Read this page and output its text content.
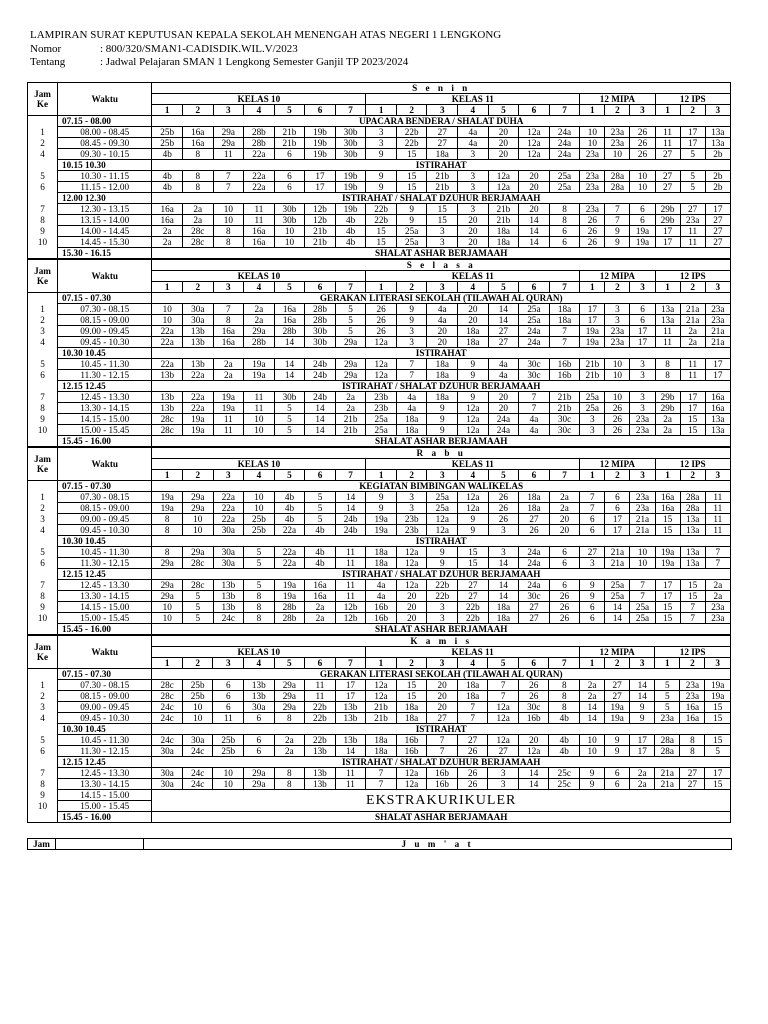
LAMPIRAN SURAT KEPUTUSAN KEPALA SEKOLAH MENENGAH ATAS NEGERI 1 LENGKONG
Nomor	: 800/320/SMAN1-CADISDIK.WIL.V/2023
Tentang	: Jadwal Pelajaran SMAN 1 Lengkong Semester Ganjil TP 2023/2024
Jam
Ke	Waktu	S e n i n																			
		KELAS 10							KELAS 11							12 MIPA			12 IPS		
		1	2	3	4	5	6	7	1	2	3	4	5	6	7	1	2	3	1	2	3
	07.15 - 08.00	UPACARA BENDERA / SHALAT DUHA																			
1	08.00 - 08.45	25b	16a	29a	28b	21b	19b	30b	3	22b	27	4a	20	12a	24a	10	23a	26	11	17	13a
2	08.45 - 09.30	25b	16a	29a	28b	21b	19b	30b	3	22b	27	4a	20	12a	24a	10	23a	26	11	17	13a
4	09.30 - 10.15	4b	8	11	22a	6	19b	30b	9	15	18a	3	20	12a	24a	23a	10	26	27	5	2b
	10.15 10.30	ISTIRAHAT																			
5	10.30 - 11.15	4b	8	7	22a	6	17	19b	9	15	21b	3	12a	20	25a	23a	28a	10	27	5	2b
6	11.15 - 12.00	4b	8	7	22a	6	17	19b	9	15	21b	3	12a	20	25a	23a	28a	10	27	5	2b
	12.00 12.30	ISTIRAHAT / SHALAT DZUHUR BERJAMAAH																			
7	12.30 - 13.15	16a	2a	10	11	30b	12b	19b	22b	9	15	3	21b	20	8	23a	7	6	29b	27	17
8	13.15 - 14.00	16a	2a	10	11	30b	12b	4b	22b	9	15	20	21b	14	8	26	7	6	29b	23a	27
9	14.00 - 14.45	2a	28c	8	16a	10	21b	4b	15	25a	3	20	18a	14	6	26	9	19a	17	11	27
10	14.45 - 15.30	2a	28c	8	16a	10	21b	4b	15	25a	3	20	18a	14	6	26	9	19a	17	11	27
	15.30 - 16.15	SHALAT ASHAR BERJAMAAH																			
Jam
Ke	Waktu	S e l a s a																			
		KELAS 10							KELAS 11							12 MIPA			12 IPS		
		1	2	3	4	5	6	7	1	2	3	4	5	6	7	1	2	3	1	2	3
	07.15 - 07.30	GERAKAN LITERASI SEKOLAH (TILAWAH AL QURAN)																			
1	07.30 - 08.15	10	30a	7	2a	16a	28b	5	26	9	4a	20	14	25a	18a	17	3	6	13a	21a	23a
2	08.15 - 09.00	10	30a	8	2a	16a	28b	5	26	9	4a	20	14	25a	18a	17	3	6	13a	21a	23a
3	09.00 - 09.45	22a	13b	16a	29a	28b	30b	5	26	3	20	18a	27	24a	7	19a	23a	17	11	2a	21a
4	09.45 - 10.30	22a	13b	16a	28b	14	30b	29a	12a	3	20	18a	27	24a	7	19a	23a	17	11	2a	21a
	10.30 10.45	ISTIRAHAT																			
5	10.45 - 11.30	22a	13b	2a	19a	14	24b	29a	12a	7	18a	9	4a	30c	16b	21b	10	3	8	11	17
6	11.30 - 12.15	13b	22a	2a	19a	14	24b	29a	12a	7	18a	9	4a	30c	16b	21b	10	3	8	11	17
	12.15 12.45	ISTIRAHAT / SHALAT DZUHUR BERJAMAAH																			
7	12.45 - 13.30	13b	22a	19a	11	30b	24b	2a	23b	4a	18a	9	20	7	21b	25a	10	3	29b	17	16a
8	13.30 - 14.15	13b	22a	19a	11	5	14	2a	23b	4a	9	12a	20	7	21b	25a	26	3	29b	17	16a
9	14.15 - 15.00	28c	19a	11	10	5	14	21b	25a	18a	9	12a	24a	4a	30c	3	26	23a	2a	15	13a
10	15.00 - 15.45	28c	19a	11	10	5	14	21b	25a	18a	9	12a	24a	4a	30c	3	26	23a	2a	15	13a
	15.45 - 16.00	SHALAT ASHAR BERJAMAAH																			
Jam
Ke	Waktu	R a b u																			
		KELAS 10							KELAS 11							12 MIPA			12 IPS		
		1	2	3	4	5	6	7	1	2	3	4	5	6	7	1	2	3	1	2	3
	07.15 - 07.30	KEGIATAN BIMBINGAN WALIKELAS																			
1	07.30 - 08.15	19a	29a	22a	10	4b	5	14	9	3	25a	12a	26	18a	2a	7	6	23a	16a	28a	11
2	08.15 - 09.00	19a	29a	22a	10	4b	5	14	9	3	25a	12a	26	18a	2a	7	6	23a	16a	28a	11
3	09.00 - 09.45	8	10	22a	25b	4b	5	24b	19a	23b	12a	9	26	27	20	6	17	21a	15	13a	11
4	09.45 - 10.30	8	10	30a	25b	22a	4b	24b	19a	23b	12a	9	3	26	20	6	17	21a	15	13a	11
	10.30 10.45	ISTIRAHAT																			
5	10.45 - 11.30	8	29a	30a	5	22a	4b	11	18a	12a	9	15	3	24a	6	27	21a	10	19a	13a	7
6	11.30 - 12.15	29a	28c	30a	5	22a	4b	11	18a	12a	9	15	14	24a	6	3	21a	10	19a	13a	7
	12.15 12.45	ISTIRAHAT / SHALAT DZUHUR BERJAMAAH																			
7	12.45 - 13.30	29a	28c	13b	5	19a	16a	11	4a	12a	22b	27	14	24a	6	9	25a	7	17	15	2a
8	13.30 - 14.15	29a	5	13b	8	19a	16a	11	4a	20	22b	27	14	30c	26	9	25a	7	17	15	2a
9	14.15 - 15.00	10	5	13b	8	28b	2a	12b	16b	20	3	22b	18a	27	26	6	14	25a	15	7	23a
10	15.00 - 15.45	10	5	24c	8	28b	2a	12b	16b	20	3	22b	18a	27	26	6	14	25a	15	7	23a
	15.45 - 16.00	SHALAT ASHAR BERJAMAAH																			
Jam
Ke	Waktu	K a m i s																			
		KELAS 10							KELAS 11							12 MIPA			12 IPS		
		1	2	3	4	5	6	7	1	2	3	4	5	6	7	1	2	3	1	2	3
	07.15 - 07.30	GERAKAN LITERASI SEKOLAH (TILAWAH AL QURAN)																			
1	07.30 - 08.15	28c	25b	6	13b	29a	11	17	12a	15	20	18a	7	26	8	2a	27	14	5	23a	19a
2	08.15 - 09.00	28c	25b	6	13b	29a	11	17	12a	15	20	18a	7	26	8	2a	27	14	5	23a	19a
3	09.00 - 09.45	24c	10	6	30a	29a	22b	13b	21b	18a	20	7	12a	30c	8	14	19a	9	5	16a	15
4	09.45 - 10.30	24c	10	11	6	8	22b	13b	21b	18a	27	7	12a	16b	4b	14	19a	9	23a	16a	15
	10.30 10.45	ISTIRAHAT																			
5	10.45 - 11.30	24c	30a	25b	6	2a	22b	13b	18a	16b	7	27	12a	20	4b	10	9	17	28a	8	15
6	11.30 - 12.15	30a	24c	25b	6	2a	13b	14	18a	16b	7	26	27	12a	4b	10	9	17	28a	8	5
	12.15 12.45	ISTIRAHAT / SHALAT DZUHUR BERJAMAAH																			
7	12.45 - 13.30	30a	24c	10	29a	8	13b	11	7	12a	16b	26	3	14	25c	9	6	2a	21a	27	17
8	13.30 - 14.15	30a	24c	10	29a	8	13b	11	7	12a	16b	26	3	14	25c	9	6	2a	21a	27	15
9	14.15 - 15.00	EKSTRAKURIKULER																			
10	15.00 - 15.45																				
	15.45 - 16.00	SHALAT ASHAR BERJAMAAH																			
Jam		J u m ' a t
